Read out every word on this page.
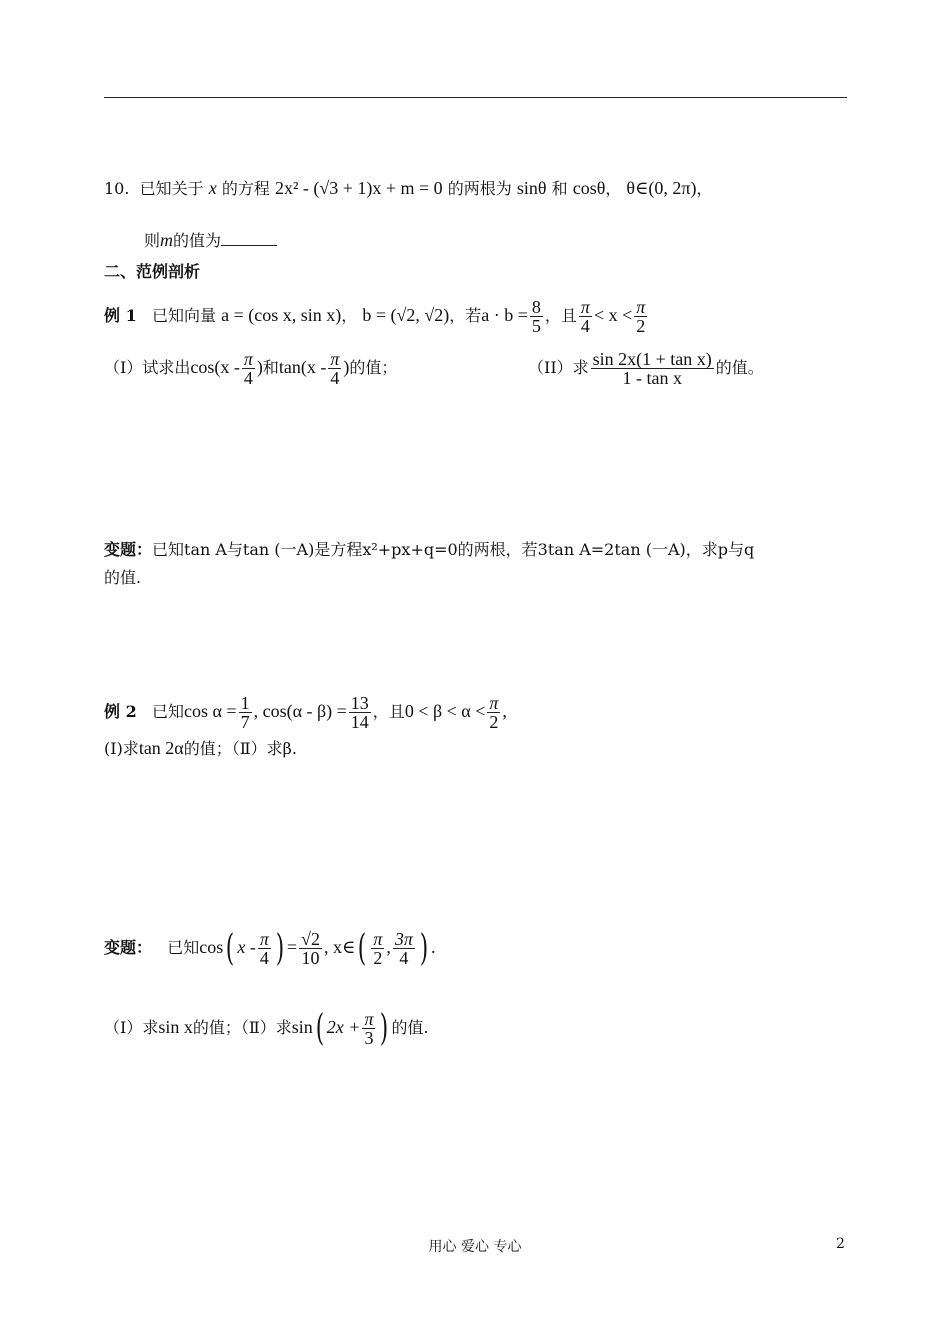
10. 已知关于 x 的方程 2x² - (√3 + 1)x + m = 0 的两根为 sinθ 和 cosθ， θ∈(0, 2π)，
则m的值为
二、范例剖析
例 1 已知向量 a = (cos x, sin x)， b = (√2, √2)，若$a \cdot b = \frac{8}{5}$ ，且 $\frac{\pi}{4} < x < \frac{\pi}{2}$
（I）试求出$\cos(x - \frac{\pi}{4}$ )和$\tan(x - \frac{\pi}{4}$ )的值；	（II）求 $\frac{\text{sin 2x(1 + tan x)}}{\text{1 - tan x}}$ 的值。
变题：已知tan A与tan (一A)是方程x²+px+q=0的两根，若3tan A=2tan (一A)，求p与q
的值.
例 2 已知$\cos \alpha = \frac{1}{7}$ , $\cos(\alpha - \beta) = \frac{13}{14}$ ，且$0 < \beta < \alpha < \frac{\pi}{2}$ ,
(Ⅰ)求tan 2α的值；（Ⅱ）求β.
变题： 已知cos( x - $\frac{\pi}{4}$ ) = $\frac{√2}{10}$ , x∈( $\frac{\pi}{2}$ , $\frac{3\pi}{4}$ ) .
（Ⅰ）求sin x的值；（Ⅱ）求sin( $2x + \frac{\pi}{3}$ ) 的值.
用心 爱心 专心	2
